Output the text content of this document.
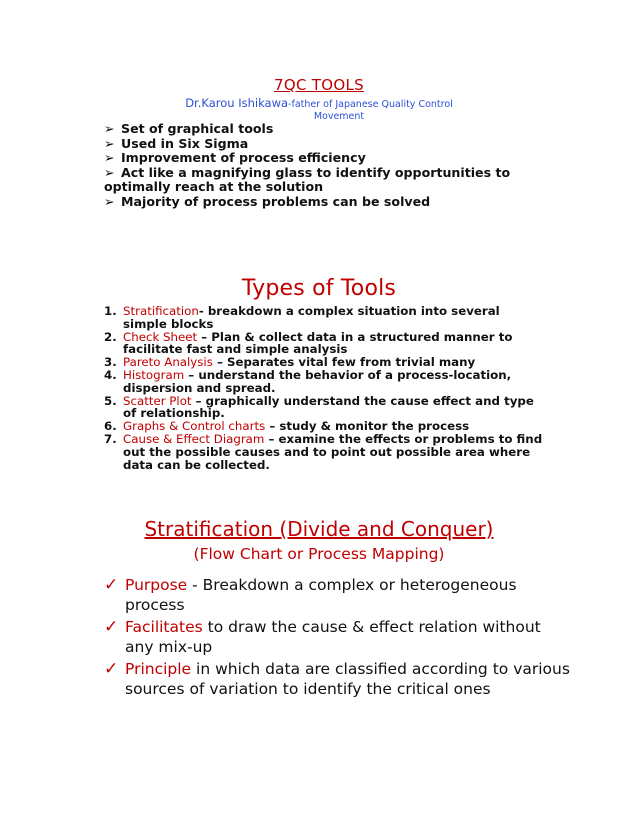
7QC TOOLS
Dr.Karou Ishikawa-father of Japanese Quality Control
Movement
➢ Set of graphical tools
➢ Used in Six Sigma
➢ Improvement of process efficiency
➢ Act like a magnifying glass to identify opportunities to optimally reach at the solution
➢ Majority of process problems can be solved
Types of Tools
1. Stratification- breakdown a complex situation into several simple blocks
2. Check Sheet – Plan & collect data in a structured manner to facilitate fast and simple analysis
3. Pareto Analysis – Separates vital few from trivial many
4. Histogram – understand the behavior of a process-location, dispersion and spread.
5. Scatter Plot – graphically understand the cause effect and type of relationship.
6. Graphs & Control charts – study & monitor the process
7. Cause & Effect Diagram – examine the effects or problems to find out the possible causes and to point out possible area where data can be collected.
Stratification (Divide and Conquer)
(Flow Chart or Process Mapping)
✓ Purpose - Breakdown a complex or heterogeneous process
✓ Facilitates to draw the cause & effect relation without any mix-up
✓ Principle in which data are classified according to various sources of variation to identify the critical ones
